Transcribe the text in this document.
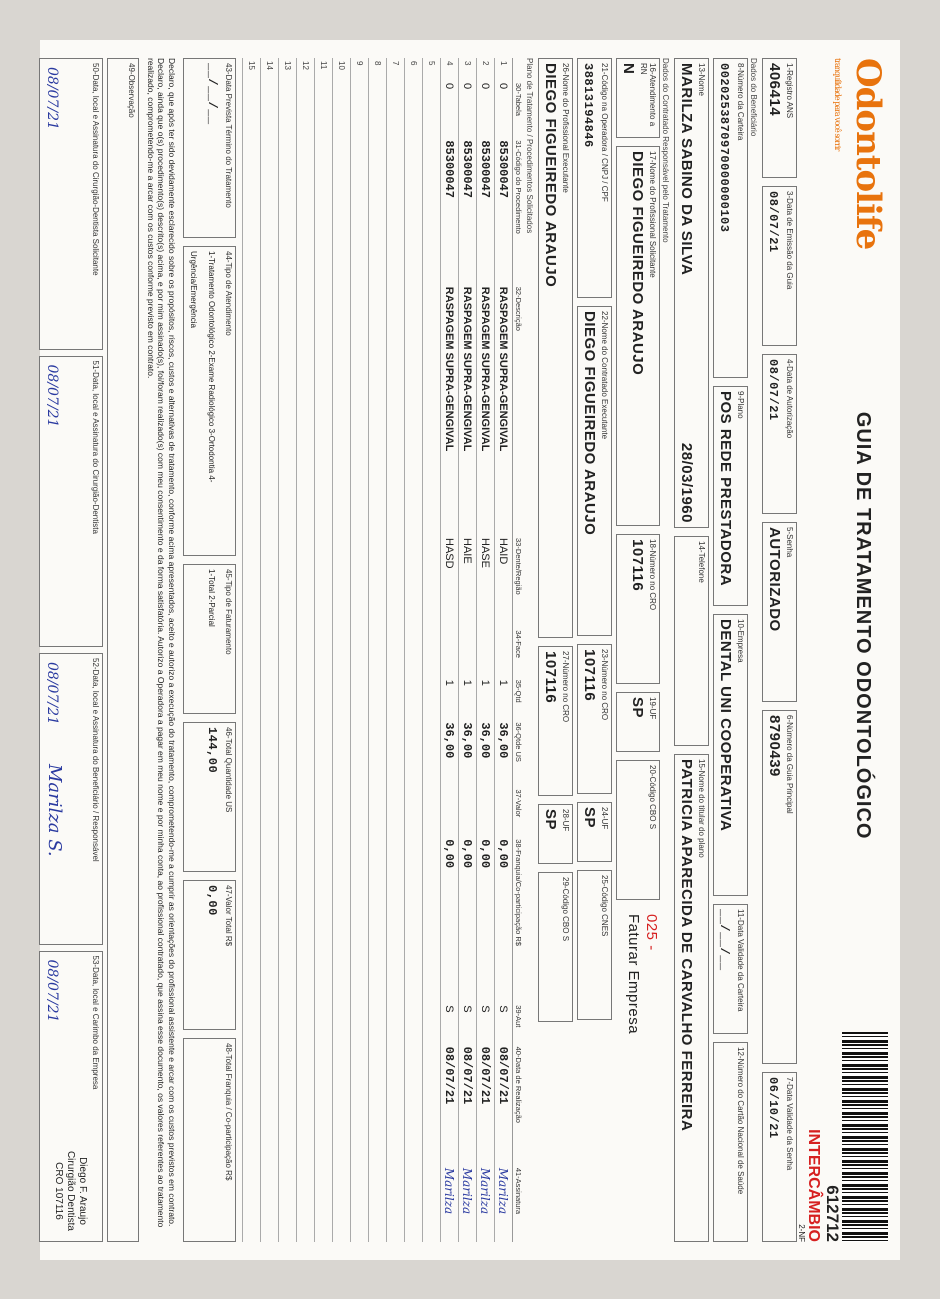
Odontolife
tranquilidade para você sorrir
GUIA DE TRATAMENTO ODONTOLÓGICO
612712
INTERCÂMBIO
2-NF
1-Registro ANS
406414
3-Data de Emissão da Guia
08/07/21
4-Data de Autorização
08/07/21
5-Senha
AUTORIZADO
6-Número da Guia Principal
8790439
7-Data Validade da Senha
06/10/21
Dados do Beneficiário
8-Número da Carteira
0020253870970000000103
9-Plano
POS REDE PRESTADORA
10-Empresa
DENTAL UNI COOPERATIVA
11-Data Validade da Carteira
__/__/__
12-Número do Cartão Nacional de Saúde
13-Nome
MARILZA SABINO DA SILVA
28/03/1960
14-Telefone
15-Nome do titular do plano
PATRICIA APARECIDA DE CARVALHO FERREIRA
Dados do Contratado Responsável pelo Tratamento
16-Atendimento a RN
N
17-Nome do Profissional Solicitante
DIEGO FIGUEIREDO ARAUJO
18-Número no CRO
107116
19-UF
SP
20-Código CBO S
025 -
Faturar Empresa
21-Código na Operadora / CNPJ / CPF
38813194846
22-Nome do Contratado Executante
DIEGO FIGUEIREDO ARAUJO
23-Número no CRO
107116
24-UF
SP
25-Código CNES
26-Nome do Profissional Executante
DIEGO FIGUEIREDO ARAUJO
27-Número no CRO
107116
28-UF
SP
29-Código CBO S
Plano de Tratamento / Procedimentos Solicitados
	30-Tabela	31-Código do Procedimento	32-Descrição	33-Dente/Região	34-Face	35-Qtd	36-Qtde US	37-Valor	38-Franquia/Co-participação R$	39-Aut	40-Data de Realização	41-Assinatura
1	0	85300047	RASPAGEM SUPRA-GENGIVAL	HAID		1	36,00		0,00	S	08/07/21	Marilza
2	0	85300047	RASPAGEM SUPRA-GENGIVAL	HASE		1	36,00		0,00	S	08/07/21	Marilza
3	0	85300047	RASPAGEM SUPRA-GENGIVAL	HAIE		1	36,00		0,00	S	08/07/21	Marilza
4	0	85300047	RASPAGEM SUPRA-GENGIVAL	HASD		1	36,00		0,00	S	08/07/21	Marilza
5												
6												
7												
8												
9												
10												
11												
12												
13												
14												
15												
43-Data Prevista Término do Tratamento
__/__/__
44-Tipo de Atendimento
1-Tratamento Odontológico 2-Exame Radiológico 3-Ortodontia 4-Urgência/Emergência
45-Tipo de Faturamento
1-Total 2-Parcial
46-Total Quantidade US
144,00
47-Valor Total R$
0,00
48-Total Franquia / Co-participação R$
Declaro, que após ter sido devidamente esclarecido sobre os propósitos, riscos, custos e alternativas de tratamento, conforme acima apresentados, aceito e autorizo a execução do tratamento, comprometendo-me a cumprir as orientações do profissional assistente e arcar com os custos previstos em contrato. Declaro, ainda que o(s) procedimento(s) descrito(s) acima, e por mim assinado(s), foi/foram realizado(s) com meu consentimento e da forma satisfatória. Autorizo a Operadora a pagar em meu nome e por minha conta, ao profissional contratado, que assina esse documento, os valores referentes ao tratamento realizado, comprometendo-me a arcar com os custos conforme previsto em contrato.
49-Observação
50-Data, local e Assinatura do Cirurgião-Dentista Solicitante
08/07/21
51-Data, local e Assinatura do Cirurgião-Dentista
08/07/21
52-Data, local e Assinatura do Beneficiário / Responsável
08/07/21
Marilza S.
53-Data, local e Carimbo da Empresa
08/07/21
Diego F. Araujo
Cirurgião Dentista
CRO 107116
